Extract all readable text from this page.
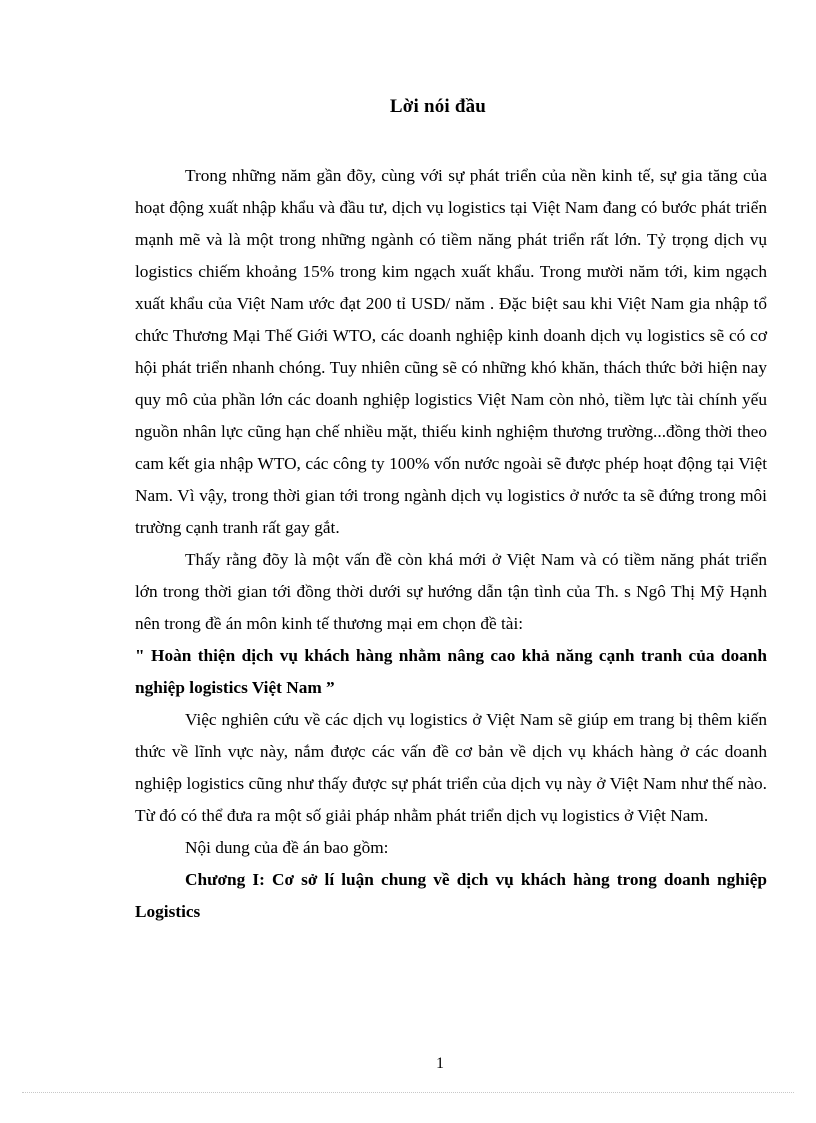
Lời nói đầu

Trong những năm gần đõy, cùng với sự phát triển của nền kinh tế, sự gia tăng của hoạt động xuất nhập khẩu và đầu tư, dịch vụ logistics tại Việt Nam đang có bước phát triển mạnh mẽ và là một trong những ngành có tiềm năng phát triển rất lớn. Tỷ trọng dịch vụ logistics chiếm khoảng 15% trong kim ngạch xuất khẩu. Trong mười năm tới, kim ngạch xuất khẩu của Việt Nam ước đạt 200 tỉ USD/ năm . Đặc biệt sau khi Việt Nam gia nhập tổ chức Thương Mại Thế Giới WTO, các doanh nghiệp kinh doanh dịch vụ logistics sẽ có cơ hội phát triển nhanh chóng. Tuy nhiên cũng sẽ có những khó khăn, thách thức bởi hiện nay quy mô của phần lớn các doanh nghiệp logistics Việt Nam còn nhỏ, tiềm lực tài chính yếu nguồn nhân lực cũng hạn chế nhiều mặt, thiếu kinh nghiệm thương trường...đồng thời theo cam kết gia nhập WTO, các công ty 100% vốn nước ngoài sẽ được phép hoạt động tại Việt Nam. Vì vậy, trong thời gian tới trong ngành dịch vụ logistics ở nước ta sẽ đứng trong môi trường cạnh tranh rất gay gắt.

Thấy rằng đõy là một vấn đề còn khá mới ở Việt Nam và có tiềm năng phát triển lớn trong thời gian tới đồng thời dưới sự hướng dẫn tận tình của Th. s Ngô Thị Mỹ Hạnh nên trong đề án môn kinh tế thương mại em chọn đề tài:

" Hoàn thiện dịch vụ khách hàng nhằm nâng cao khả năng cạnh tranh của doanh nghiệp logistics Việt Nam ”

Việc nghiên cứu về các dịch vụ logistics ở Việt Nam sẽ giúp em trang bị thêm kiến thức về lĩnh vực này, nắm được các vấn đề cơ bản về dịch vụ khách hàng ở các doanh nghiệp logistics cũng như thấy được sự phát triển của dịch vụ này ở Việt Nam như thế nào. Từ đó có thể đưa ra một số giải pháp nhằm phát triển dịch vụ logistics ở Việt Nam.

Nội dung của đề án bao gồm:

Chương I: Cơ sở lí luận chung về dịch vụ khách hàng trong doanh nghiệp Logistics

1
